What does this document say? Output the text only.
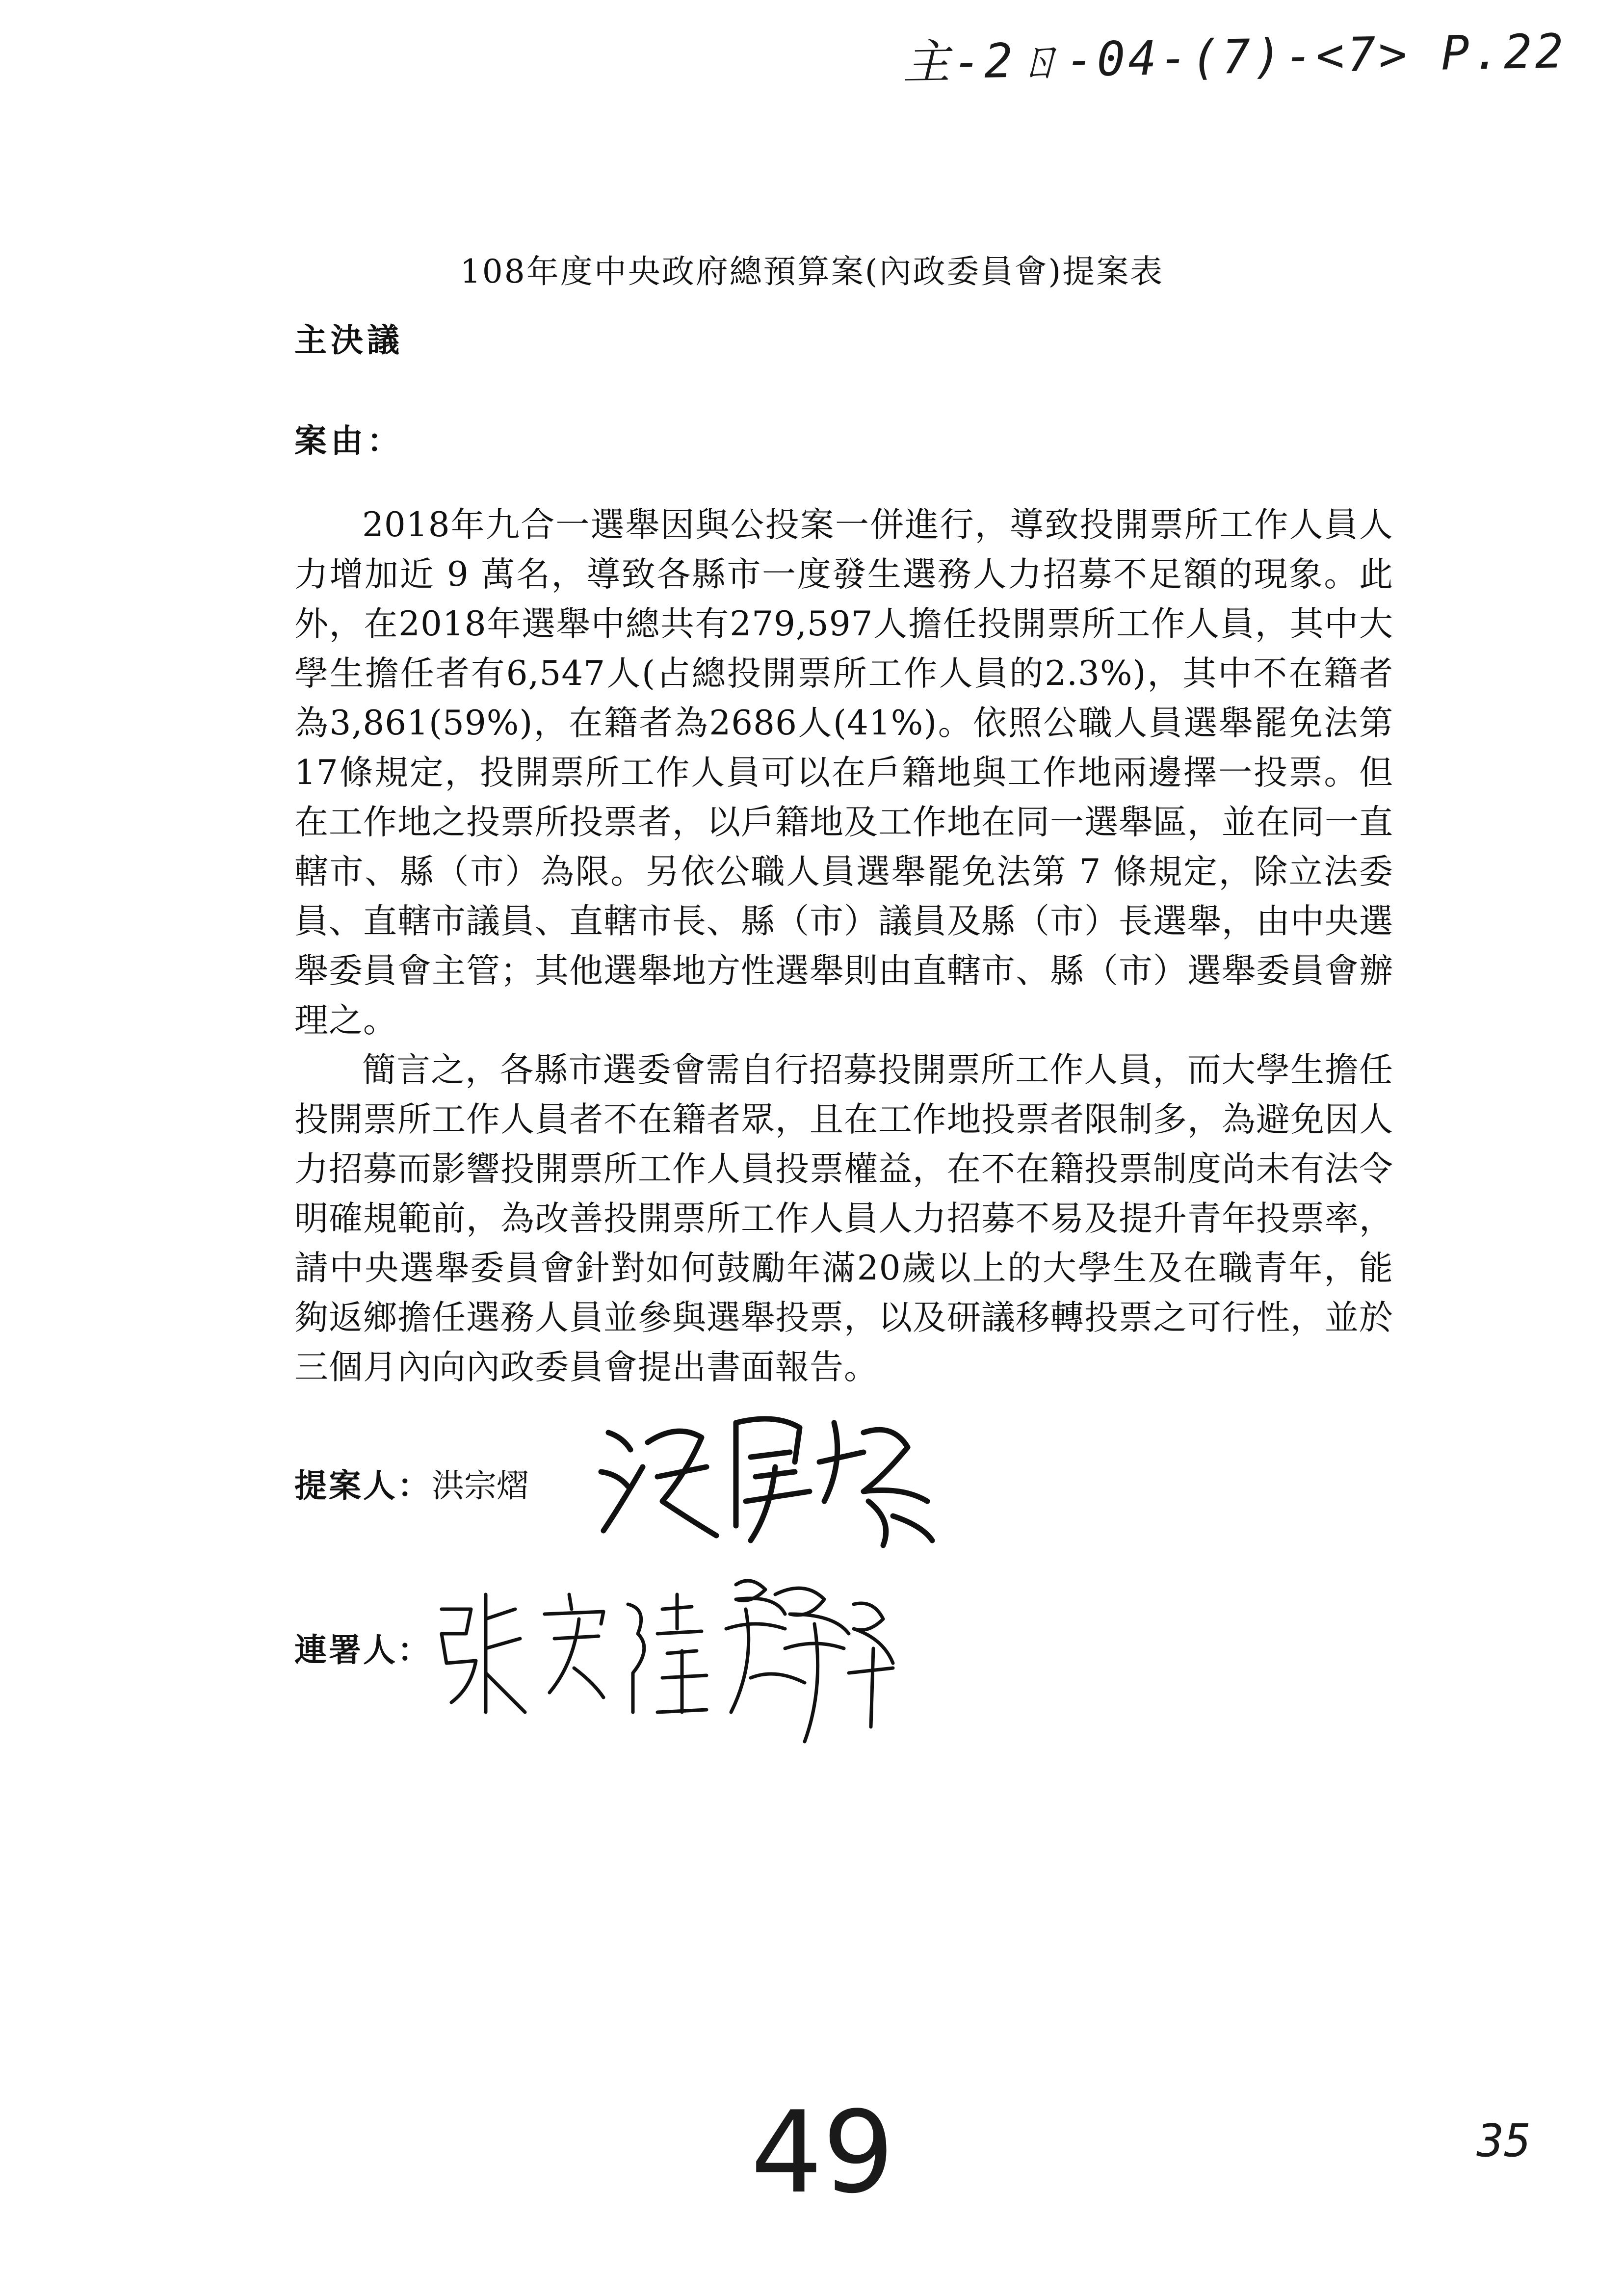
主-2ㄖ-04-(7)-<7> P.22
108年度中央政府總預算案(內政委員會)提案表
主決議
案由：

2018年九合一選舉因與公投案一併進行，導致投開票所工作人員人力增加近 9 萬名，導致各縣市一度發生選務人力招募不足額的現象。此外，在2018年選舉中總共有279,597人擔任投開票所工作人員，其中大學生擔任者有6,547人(占總投開票所工作人員的2.3%)，其中不在籍者為3,861(59%)，在籍者為2686人(41%)。依照公職人員選舉罷免法第17條規定，投開票所工作人員可以在戶籍地與工作地兩邊擇一投票。但在工作地之投票所投票者，以戶籍地及工作地在同一選舉區，並在同一直轄市、縣（市）為限。另依公職人員選舉罷免法第 7 條規定，除立法委員、直轄市議員、直轄市長、縣（市）議員及縣（市）長選舉，由中央選舉委員會主管；其他選舉地方性選舉則由直轄市、縣（市）選舉委員會辦理之。

簡言之，各縣市選委會需自行招募投開票所工作人員，而大學生擔任投開票所工作人員者不在籍者眾，且在工作地投票者限制多，為避免因人力招募而影響投開票所工作人員投票權益，在不在籍投票制度尚未有法令明確規範前，為改善投開票所工作人員人力招募不易及提升青年投票率，請中央選舉委員會針對如何鼓勵年滿20歲以上的大學生及在職青年，能夠返鄉擔任選務人員並參與選舉投票，以及研議移轉投票之可行性，並於三個月內向內政委員會提出書面報告。

提案人： 洪宗熠
連署人：
49	35
